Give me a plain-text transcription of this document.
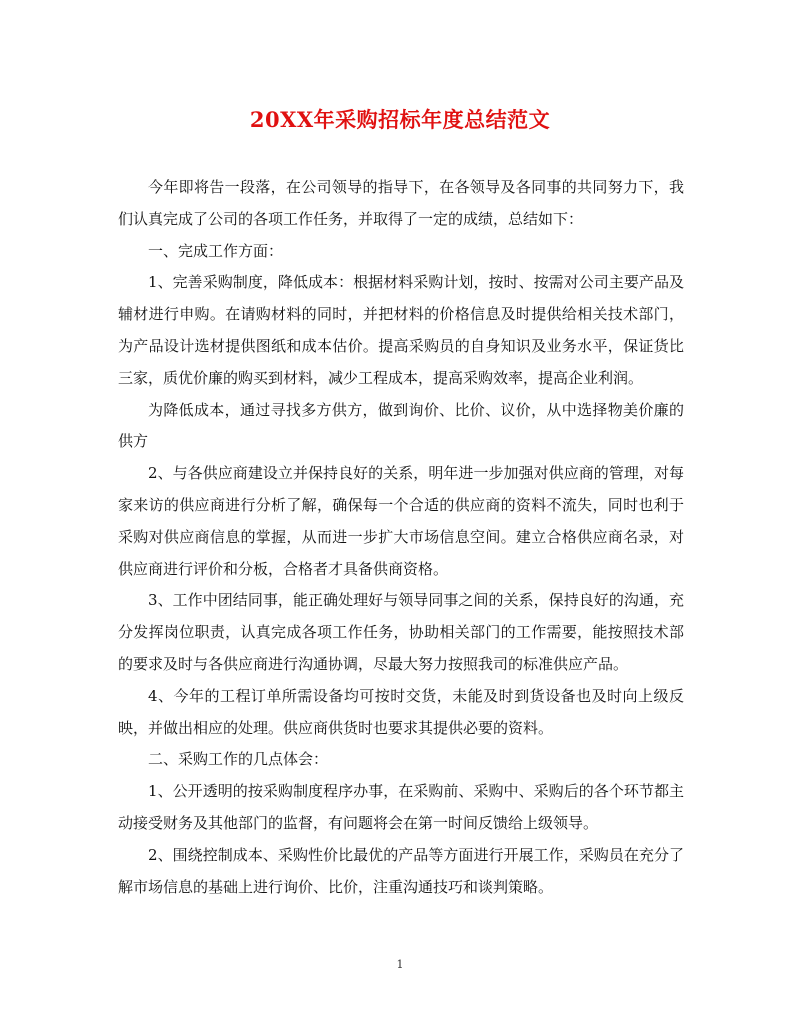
20XX年采购招标年度总结范文

今年即将告一段落，在公司领导的指导下，在各领导及各同事的共同努力下，我们认真完成了公司的各项工作任务，并取得了一定的成绩，总结如下：

一、完成工作方面：

1、完善采购制度，降低成本：根据材料采购计划，按时、按需对公司主要产品及辅材进行申购。在请购材料的同时，并把材料的价格信息及时提供给相关技术部门，为产品设计选材提供图纸和成本估价。提高采购员的自身知识及业务水平，保证货比三家，质优价廉的购买到材料，减少工程成本，提高采购效率，提高企业利润。

为降低成本，通过寻找多方供方，做到询价、比价、议价，从中选择物美价廉的供方

2、与各供应商建设立并保持良好的关系，明年进一步加强对供应商的管理，对每家来访的供应商进行分析了解，确保每一个合适的供应商的资料不流失，同时也利于采购对供应商信息的掌握，从而进一步扩大市场信息空间。建立合格供应商名录，对供应商进行评价和分板，合格者才具备供商资格。

3、工作中团结同事，能正确处理好与领导同事之间的关系，保持良好的沟通，充分发挥岗位职责，认真完成各项工作任务，协助相关部门的工作需要，能按照技术部的要求及时与各供应商进行沟通协调，尽最大努力按照我司的标准供应产品。

4、今年的工程订单所需设备均可按时交货，未能及时到货设备也及时向上级反映，并做出相应的处理。供应商供货时也要求其提供必要的资料。

二、采购工作的几点体会：

1、公开透明的按采购制度程序办事，在采购前、采购中、采购后的各个环节都主动接受财务及其他部门的监督，有问题将会在第一时间反馈给上级领导。

2、围绕控制成本、采购性价比最优的产品等方面进行开展工作，采购员在充分了解市场信息的基础上进行询价、比价，注重沟通技巧和谈判策略。

1
